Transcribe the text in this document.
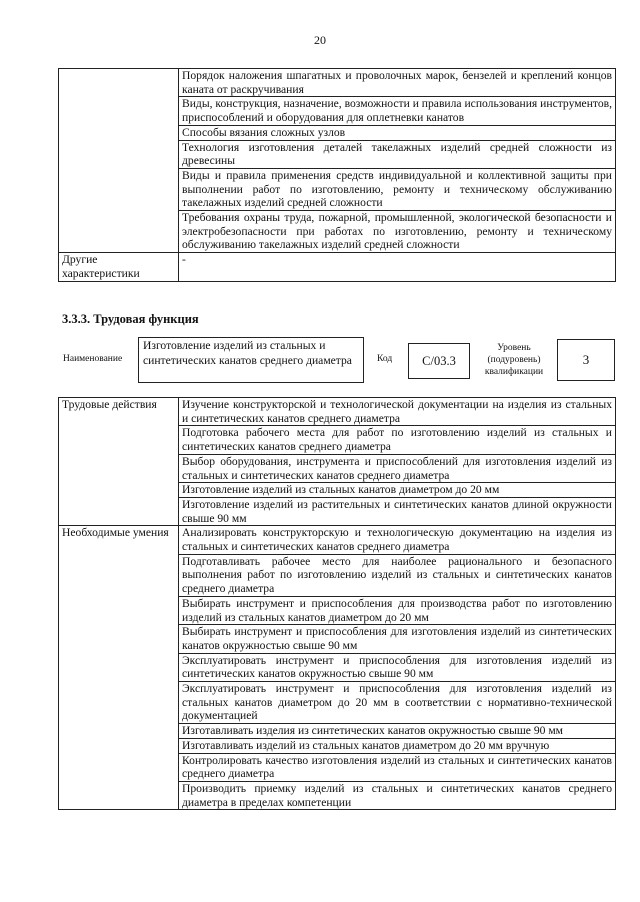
20
	Порядок наложения шпагатных и проволочных марок, бензелей и креплений концов каната от раскручивания
	Виды, конструкция, назначение, возможности и правила использования инструментов, приспособлений и оборудования для оплетневки канатов
	Способы вязания сложных узлов
	Технология изготовления деталей такелажных изделий средней сложности из древесины
	Виды и правила применения средств индивидуальной и коллективной защиты при выполнении работ по изготовлению, ремонту и техническому обслуживанию такелажных изделий средней сложности
	Требования охраны труда, пожарной, промышленной, экологической безопасности и электробезопасности при работах по изготовлению, ремонту и техническому обслуживанию такелажных изделий средней сложности
Другие характеристики	-
3.3.3. Трудовая функция
Наименование
Изготовление изделий из стальных и синтетических канатов среднего диаметра	Код	С/03.3
Уровень (подуровень) квалификации
3
Трудовые действия	Изучение конструкторской и технологической документации на изделия из стальных и синтетических канатов среднего диаметра
	Подготовка рабочего места для работ по изготовлению изделий из стальных и синтетических канатов среднего диаметра
	Выбор оборудования, инструмента и приспособлений для изготовления изделий из стальных и синтетических канатов среднего диаметра
	Изготовление изделий из стальных канатов диаметром до 20 мм
	Изготовление изделий из растительных и синтетических канатов длиной окружности свыше 90 мм
Необходимые умения	Анализировать конструкторскую и технологическую документацию на изделия из стальных и синтетических канатов среднего диаметра
	Подготавливать рабочее место для наиболее рационального и безопасного выполнения работ по изготовлению изделий из стальных и синтетических канатов среднего диаметра
	Выбирать инструмент и приспособления для производства работ по изготовлению изделий из стальных канатов диаметром до 20 мм
	Выбирать инструмент и приспособления для изготовления изделий из синтетических канатов окружностью свыше 90 мм
	Эксплуатировать инструмент и приспособления для изготовления изделий из синтетических канатов окружностью свыше 90 мм
	Эксплуатировать инструмент и приспособления для изготовления изделий из стальных канатов диаметром до 20 мм в соответствии с нормативно-технической документацией
	Изготавливать изделия из синтетических канатов окружностью свыше 90 мм
	Изготавливать изделий из стальных канатов диаметром до 20 мм вручную
	Контролировать качество изготовления изделий из стальных и синтетических канатов среднего диаметра
	Производить приемку изделий из стальных и синтетических канатов среднего диаметра в пределах компетенции
